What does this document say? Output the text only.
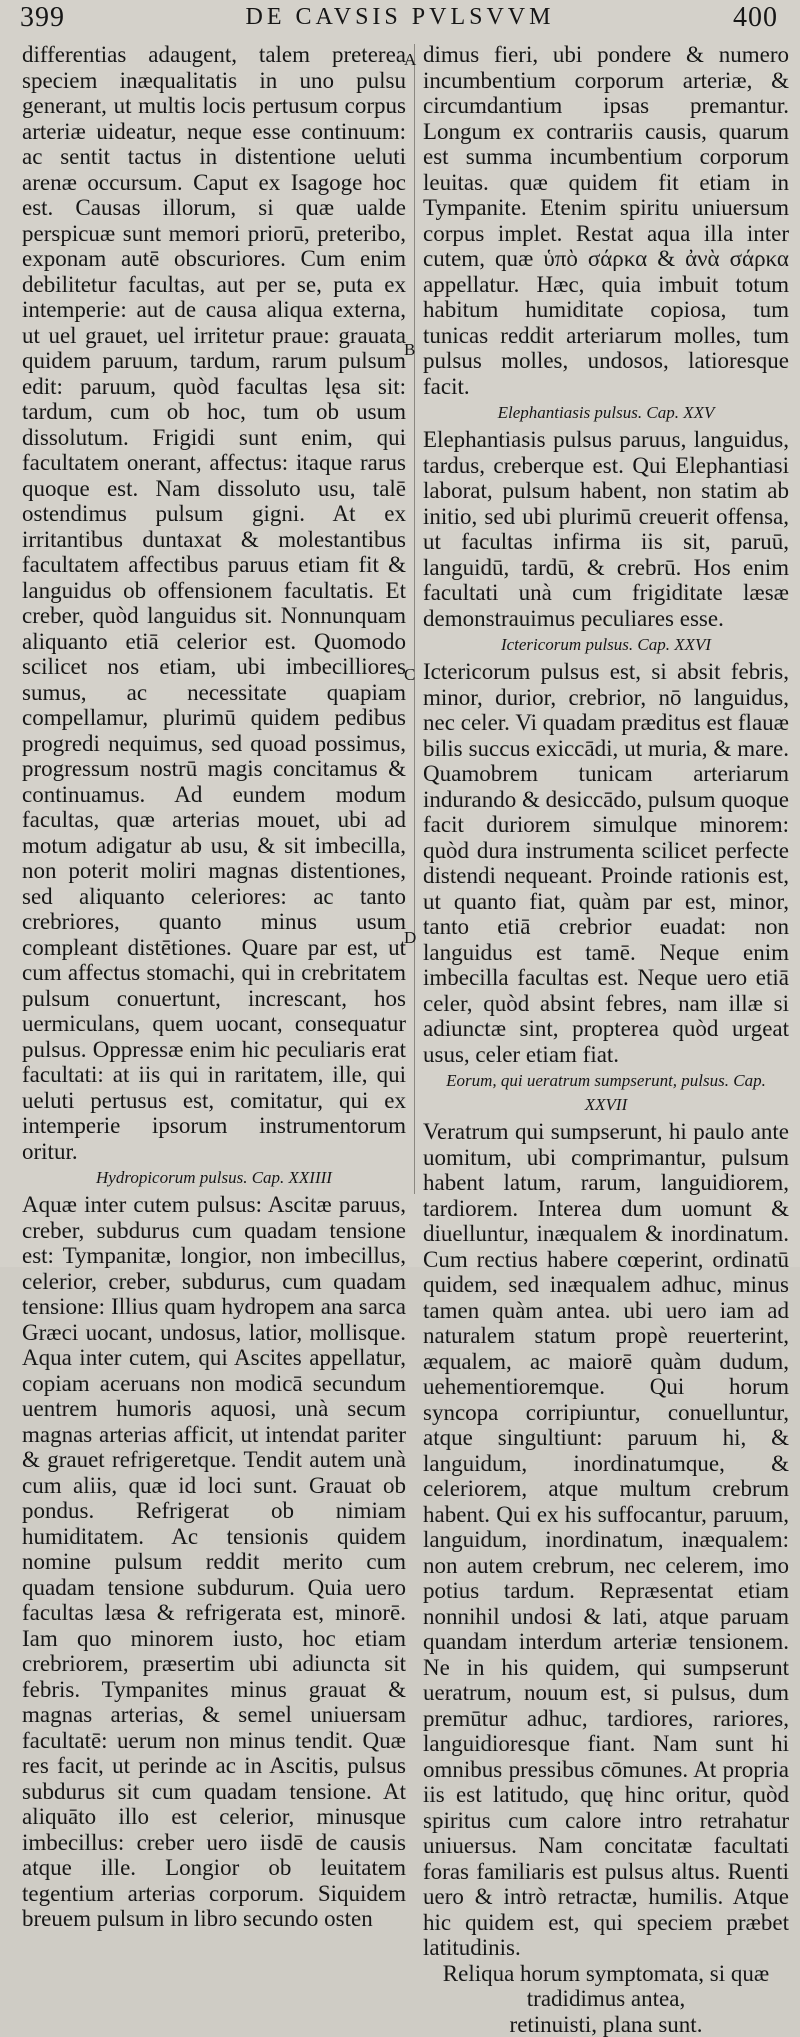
399	DE CAVSIS PVLSVVM	400
A
B
C
D

differentias adaugent, talem preterea speciem inæqualitatis in uno pulsu generant, ut multis locis pertusum corpus arteriæ uideatur, neque esse continuum: ac sentit tactus in distentione ueluti arenæ occursum. Caput ex Isagoge hoc est. Causas illorum, si quæ ualde perspicuæ sunt memori priorū, preteribo, exponam autē obscuriores. Cum enim debilitetur facultas, aut per se, puta ex intemperie: aut de causa aliqua externa, ut uel grauet, uel irritetur praue: grauata quidem paruum, tardum, rarum pulsum edit: paruum, quòd facultas lęsa sit: tardum, cum ob hoc, tum ob usum dissolutum. Frigidi sunt enim, qui facultatem onerant, affectus: itaque rarus quoque est. Nam dissoluto usu, talē ostendimus pulsum gigni. At ex irritantibus duntaxat & molestantibus facultatem affectibus paruus etiam fit & languidus ob offensionem facultatis. Et creber, quòd languidus sit. Nonnunquam aliquanto etiā celerior est. Quomodo scilicet nos etiam, ubi imbecilliores sumus, ac necessitate quapiam compellamur, plurimū quidem pedibus progredi nequimus, sed quoad possimus, progressum nostrū magis concitamus & continuamus. Ad eundem modum facultas, quæ arterias mouet, ubi ad motum adigatur ab usu, & sit imbecilla, non poterit moliri magnas distentiones, sed aliquanto celeriores: ac tanto crebriores, quanto minus usum compleant distētiones. Quare par est, ut cum affectus stomachi, qui in crebritatem pulsum conuertunt, increscant, hos uermiculans, quem uocant, consequatur pulsus. Oppressæ enim hic peculiaris erat facultati: at iis qui in raritatem, ille, qui ueluti pertusus est, comitatur, qui ex intemperie ipsorum instrumentorum oritur.

Hydropicorum pulsus. Cap. XXIIII

Aquæ inter cutem pulsus: Ascitæ paruus, creber, subdurus cum quadam tensione est: Tympanitæ, longior, non imbecillus, celerior, creber, subdurus, cum quadam tensione: Illius quam hydropem ana sarca Græci uocant, undosus, latior, mollisque. Aqua inter cutem, qui Ascites appellatur, copiam aceruans non modicā secundum uentrem humoris aquosi, unà secum magnas arterias afficit, ut intendat pariter & grauet refrigeretque. Tendit autem unà cum aliis, quæ id loci sunt. Grauat ob pondus. Refrigerat ob nimiam humiditatem. Ac tensionis quidem nomine pulsum reddit merito cum quadam tensione subdurum. Quia uero facultas læsa & refrigerata est, minorē. Iam quo minorem iusto, hoc etiam crebriorem, præsertim ubi adiuncta sit febris. Tympanites minus grauat & magnas arterias, & semel uniuersam facultatē: uerum non minus tendit. Quæ res facit, ut perinde ac in Ascitis, pulsus subdurus sit cum quadam tensione. At aliquāto illo est celerior, minusque imbecillus: creber uero iisdē de causis atque ille. Longior ob leuitatem tegentium arterias corporum. Siquidem breuem pulsum in libro secundo osten

dimus fieri, ubi pondere & numero incumbentium corporum arteriæ, & circumdantium ipsas premantur. Longum ex contrariis causis, quarum est summa incumbentium corporum leuitas. quæ quidem fit etiam in Tympanite. Etenim spiritu uniuersum corpus implet. Restat aqua illa inter cutem, quæ ὑπὸ σάρκα & ἀνὰ σάρκα appellatur. Hæc, quia imbuit totum habitum humiditate copiosa, tum tunicas reddit arteriarum molles, tum pulsus molles, undosos, latioresque facit.

Elephantiasis pulsus. Cap. XXV

Elephantiasis pulsus paruus, languidus, tardus, creberque est. Qui Elephantiasi laborat, pulsum habent, non statim ab initio, sed ubi plurimū creuerit offensa, ut facultas infirma iis sit, paruū, languidū, tardū, & crebrū. Hos enim facultati unà cum frigiditate læsæ demonstrauimus peculiares esse.

Ictericorum pulsus. Cap. XXVI

Ictericorum pulsus est, si absit febris, minor, durior, crebrior, nō languidus, nec celer. Vi quadam præditus est flauæ bilis succus exiccādi, ut muria, & mare. Quamobrem tunicam arteriarum indurando & desiccādo, pulsum quoque facit duriorem simulque minorem: quòd dura instrumenta scilicet perfecte distendi nequeant. Proinde rationis est, ut quanto fiat, quàm par est, minor, tanto etiā crebrior euadat: non languidus est tamē. Neque enim imbecilla facultas est. Neque uero etiā celer, quòd absint febres, nam illæ si adiunctæ sint, propterea quòd urgeat usus, celer etiam fiat.

Eorum, qui ueratrum sumpserunt, pulsus. Cap. XXVII

Veratrum qui sumpserunt, hi paulo ante uomitum, ubi comprimantur, pulsum habent latum, rarum, languidiorem, tardiorem. Interea dum uomunt & diuelluntur, inæqualem & inordinatum. Cum rectius habere cœperint, ordinatū quidem, sed inæqualem adhuc, minus tamen quàm antea. ubi uero iam ad naturalem statum propè reuerterint, æqualem, ac maiorē quàm dudum, uehementioremque. Qui horum syncopa corripiuntur, conuelluntur, atque singultiunt: paruum hi, & languidum, inordinatumque, & celeriorem, atque multum crebrum habent. Qui ex his suffocantur, paruum, languidum, inordinatum, inæqualem: non autem crebrum, nec celerem, imo potius tardum. Repræsentat etiam nonnihil undosi & lati, atque paruam quandam interdum arteriæ tensionem. Ne in his quidem, qui sumpserunt ueratrum, nouum est, si pulsus, dum premūtur adhuc, tardiores, rariores, languidioresque fiant. Nam sunt hi omnibus pressibus cōmunes. At propria iis est latitudo, quę hinc oritur, quòd spiritus cum calore intro retrahatur uniuersus. Nam concitatæ facultati foras familiaris est pulsus altus. Ruenti uero & intrò retractæ, humilis. Atque hic quidem est, qui speciem præbet latitudinis.

Reliqua horum symptomata, si quæ tradidimus antea,
retinuisti, plana sunt.
